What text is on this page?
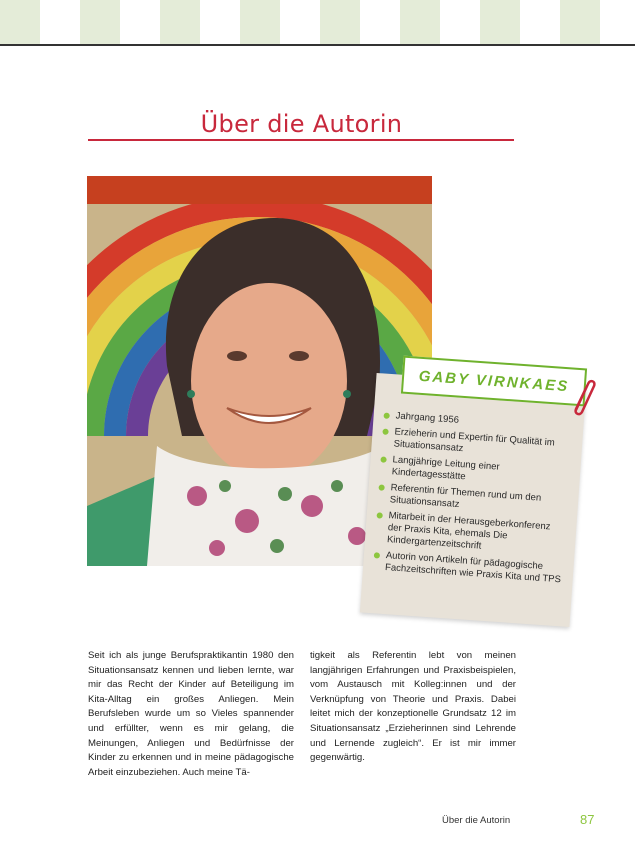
Über die Autorin
Jahrgang 1956
Erzieherin und Expertin für Qualität im Situationsansatz
Langjährige Leitung einer Kindertagesstätte
Referentin für Themen rund um den Situationsansatz
Mitarbeit in der Herausgeberkonferenz der Praxis Kita, ehemals Die Kindergartenzeitschrift
Autorin von Artikeln für pädagogische Fachzeitschriften wie Praxis Kita und TPS
GABY VIRNKAES
Seit ich als junge Berufspraktikantin 1980 den Situationsansatz kennen und lieben lernte, war mir das Recht der Kinder auf Beteiligung im Kita-Alltag ein großes Anliegen. Mein Berufsleben wurde um so Vieles spannender und erfüllter, wenn es mir gelang, die Meinungen, Anliegen und Bedürfnisse der Kinder zu erkennen und in meine pädagogische Arbeit einzubeziehen. Auch meine Tä-
tigkeit als Referentin lebt von meinen langjährigen Erfahrungen und Praxisbeispielen, vom Austausch mit Kolleg:innen und der Verknüpfung von Theorie und Praxis. Dabei leitet mich der konzeptionelle Grundsatz 12 im Situationsansatz „Erzieherinnen sind Lehrende und Lernende zugleich“. Er ist mir immer gegenwärtig.
Über die Autorin	87
